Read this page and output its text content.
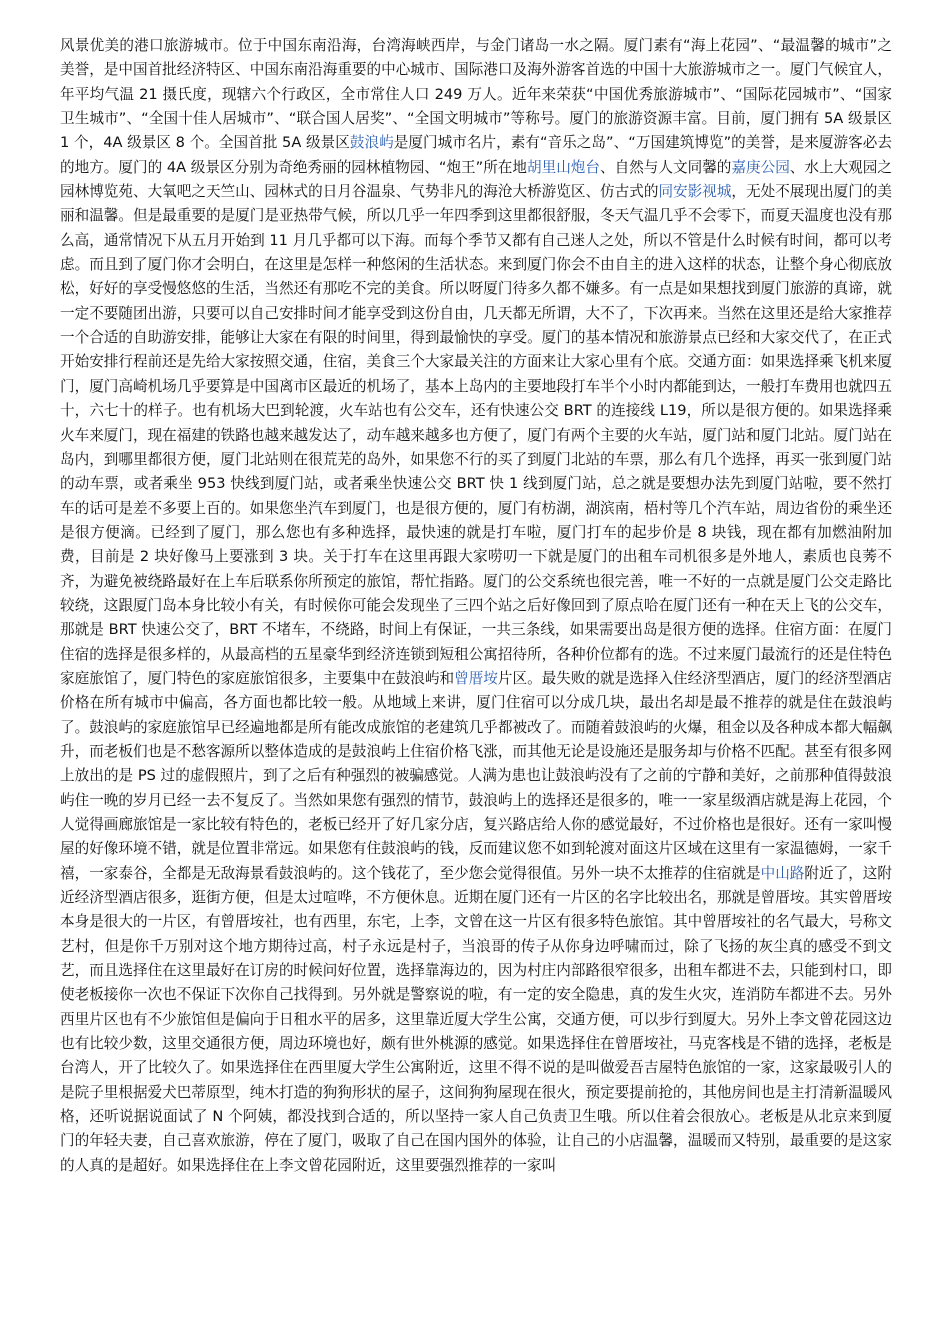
风景优美的港口旅游城市。位于中国东南沿海，台湾海峡西岸，与金门诸岛一水之隔。厦门素有“海上花园”、“最温馨的城市”之美誉，是中国首批经济特区、中国东南沿海重要的中心城市、国际港口及海外游客首选的中国十大旅游城市之一。厦门气候宜人，年平均气温 21 摄氏度，现辖六个行政区，全市常住人口 249 万人。近年来荣获“中国优秀旅游城市”、“国际花园城市”、“国家卫生城市”、“全国十佳人居城市”、“联合国人居奖”、“全国文明城市”等称号。厦门的旅游资源丰富。目前，厦门拥有 5A 级景区 1 个，4A 级景区 8 个。全国首批 5A 级景区鼓浪屿是厦门城市名片，素有“音乐之岛”、“万国建筑博览”的美誉，是来厦游客必去的地方。厦门的 4A 级景区分别为奇绝秀丽的园林植物园、“炮王”所在地胡里山炮台、自然与人文同馨的嘉庚公园、水上大观园之园林博览苑、大氧吧之天竺山、园林式的日月谷温泉、气势非凡的海沧大桥游览区、仿古式的同安影视城，无处不展现出厦门的美丽和温馨。但是最重要的是厦门是亚热带气候，所以几乎一年四季到这里都很舒服，冬天气温几乎不会零下，而夏天温度也没有那么高，通常情况下从五月开始到 11 月几乎都可以下海。而每个季节又都有自己迷人之处，所以不管是什么时候有时间，都可以考虑。而且到了厦门你才会明白，在这里是怎样一种悠闲的生活状态。来到厦门你会不由自主的进入这样的状态，让整个身心彻底放松，好好的享受慢悠悠的生活，当然还有那吃不完的美食。所以呀厦门待多久都不嫌多。有一点是如果想找到厦门旅游的真谛，就一定不要随团出游，只要可以自己安排时间才能享受到这份自由，几天都无所谓，大不了，下次再来。当然在这里还是给大家推荐一个合适的自助游安排，能够让大家在有限的时间里，得到最愉快的享受。厦门的基本情况和旅游景点已经和大家交代了，在正式开始安排行程前还是先给大家按照交通，住宿，美食三个大家最关注的方面来让大家心里有个底。交通方面：如果选择乘飞机来厦门，厦门高崎机场几乎要算是中国离市区最近的机场了，基本上岛内的主要地段打车半个小时内都能到达，一般打车费用也就四五十，六七十的样子。也有机场大巴到轮渡，火车站也有公交车，还有快速公交 BRT 的连接线 L19，所以是很方便的。如果选择乘火车来厦门，现在福建的铁路也越来越发达了，动车越来越多也方便了，厦门有两个主要的火车站，厦门站和厦门北站。厦门站在岛内，到哪里都很方便，厦门北站则在很荒芜的岛外，如果您不行的买了到厦门北站的车票，那么有几个选择，再买一张到厦门站的动车票，或者乘坐 953 快线到厦门站，或者乘坐快速公交 BRT 快 1 线到厦门站，总之就是要想办法先到厦门站啦，要不然打车的话可是差不多要上百的。如果您坐汽车到厦门，也是很方便的，厦门有枋湖，湖滨南，梧村等几个汽车站，周边省份的乘坐还是很方便滴。已经到了厦门，那么您也有多种选择，最快速的就是打车啦，厦门打车的起步价是 8 块钱，现在都有加燃油附加费，目前是 2 块好像马上要涨到 3 块。关于打车在这里再跟大家唠叨一下就是厦门的出租车司机很多是外地人，素质也良莠不齐，为避免被绕路最好在上车后联系你所预定的旅馆，帮忙指路。厦门的公交系统也很完善，唯一不好的一点就是厦门公交走路比较绕，这跟厦门岛本身比较小有关，有时候你可能会发现坐了三四个站之后好像回到了原点哈在厦门还有一种在天上飞的公交车，那就是 BRT 快速公交了，BRT 不堵车，不绕路，时间上有保证，一共三条线，如果需要出岛是很方便的选择。住宿方面：在厦门住宿的选择是很多样的，从最高档的五星豪华到经济连锁到短租公寓招待所，各种价位都有的选。不过来厦门最流行的还是住特色家庭旅馆了，厦门特色的家庭旅馆很多，主要集中在鼓浪屿和曾厝垵片区。最失败的就是选择入住经济型酒店，厦门的经济型酒店价格在所有城市中偏高，各方面也都比较一般。从地域上来讲，厦门住宿可以分成几块，最出名却是最不推荐的就是住在鼓浪屿了。鼓浪屿的家庭旅馆早已经遍地都是所有能改成旅馆的老建筑几乎都被改了。而随着鼓浪屿的火爆，租金以及各种成本都大幅飙升，而老板们也是不愁客源所以整体造成的是鼓浪屿上住宿价格飞涨，而其他无论是设施还是服务却与价格不匹配。甚至有很多网上放出的是 PS 过的虚假照片，到了之后有种强烈的被骗感觉。人满为患也让鼓浪屿没有了之前的宁静和美好，之前那种值得鼓浪屿住一晚的岁月已经一去不复反了。当然如果您有强烈的情节，鼓浪屿上的选择还是很多的，唯一一家星级酒店就是海上花园，个人觉得画廊旅馆是一家比较有特色的，老板已经开了好几家分店，复兴路店给人你的感觉最好，不过价格也是很好。还有一家叫慢屋的好像环境不错，就是位置非常远。如果您有住鼓浪屿的钱，反而建议您不如到轮渡对面这片区域在这里有一家温德姆，一家千禧，一家泰谷，全都是无敌海景看鼓浪屿的。这个钱花了，至少您会觉得很值。另外一块不太推荐的住宿就是中山路附近了，这附近经济型酒店很多，逛街方便，但是太过喧哗，不方便休息。近期在厦门还有一片区的名字比较出名，那就是曾厝垵。其实曾厝垵本身是很大的一片区，有曾厝垵社，也有西里，东宅，上李，文曾在这一片区有很多特色旅馆。其中曾厝垵社的名气最大，号称文艺村，但是你千万别对这个地方期待过高，村子永远是村子，当浪哥的传子从你身边呼啸而过，除了飞扬的灰尘真的感受不到文艺，而且选择住在这里最好在订房的时候问好位置，选择靠海边的，因为村庄内部路很窄很多，出租车都进不去，只能到村口，即使老板接你一次也不保证下次你自己找得到。另外就是警察说的啦，有一定的安全隐患，真的发生火灾，连消防车都进不去。另外西里片区也有不少旅馆但是偏向于日租水平的居多，这里靠近厦大学生公寓，交通方便，可以步行到厦大。另外上李文曾花园这边也有比较少数，这里交通很方便，周边环境也好，颇有世外桃源的感觉。如果选择住在曾厝垵社，马克客栈是不错的选择，老板是台湾人，开了比较久了。如果选择住在西里厦大学生公寓附近，这里不得不说的是叫做爱吾吉屋特色旅馆的一家，这家最吸引人的是院子里根据爱犬巴蒂原型，纯木打造的狗狗形状的屋子，这间狗狗屋现在很火，预定要提前抢的，其他房间也是主打清新温暖风格，还听说据说面试了 N 个阿姨，都没找到合适的，所以坚持一家人自己负责卫生哦。所以住着会很放心。老板是从北京来到厦门的年轻夫妻，自己喜欢旅游，停在了厦门，吸取了自己在国内国外的体验，让自己的小店温馨，温暖而又特别，最重要的是这家的人真的是超好。如果选择住在上李文曾花园附近，这里要强烈推荐的一家叫
